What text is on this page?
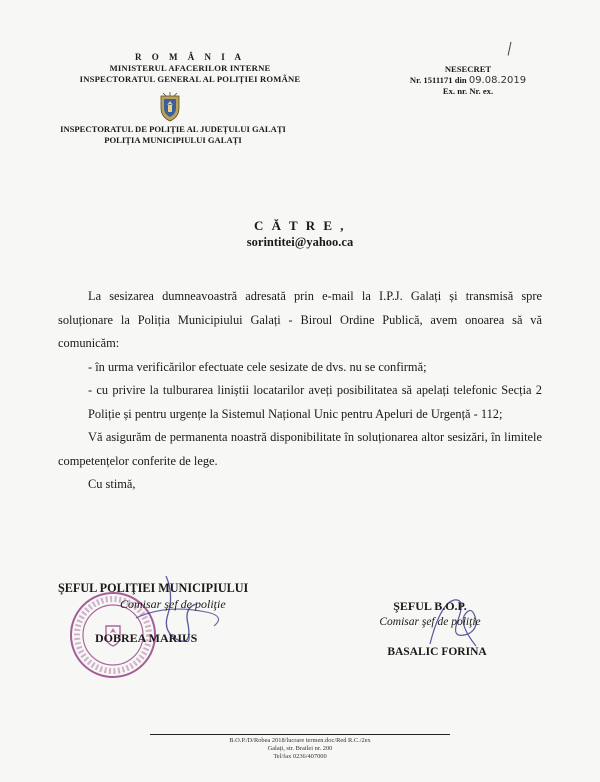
R O M Â N I A
MINISTERUL AFACERILOR INTERNE
INSPECTORATUL GENERAL AL POLIȚIEI ROMÂNE
INSPECTORATUL DE POLIȚIE AL JUDEȚULUI GALAȚI
POLIȚIA MUNICIPIULUI GALAȚI
NESECRET
Nr. 1511171 din 09.08.2019
Ex. nr. Nr. ex.
C Ă T R E ,
sorintitei@yahoo.ca

La sesizarea dumneavoastră adresată prin e-mail la I.P.J. Galați și transmisă spre soluționare la Poliția Municipiului Galați - Biroul Ordine Publică, avem onoarea să vă comunicăm:

- în urma verificărilor efectuate cele sesizate de dvs. nu se confirmă;

- cu privire la tulburarea liniștii locatarilor aveți posibilitatea să apelați telefonic Secția 2 Poliție și pentru urgențe la Sistemul Național Unic pentru Apeluri de Urgență - 112;

Vă asigurăm de permanenta noastră disponibilitate în soluționarea altor sesizări, în limitele competențelor conferite de lege.

Cu stimă,

ŞEFUL POLIŢIEI MUNICIPIULUI
Comisar şef de poliţie
DOBREA MARIUS
ŞEFUL B.O.P.
Comisar şef de poliţie
BASALIC FORINA
B.O.P./D/Robea 2018/lucrare termen.doc/Red R.C./2ex
Galați, str. Brailei nr. 200
Tel/fax 0236/407000
